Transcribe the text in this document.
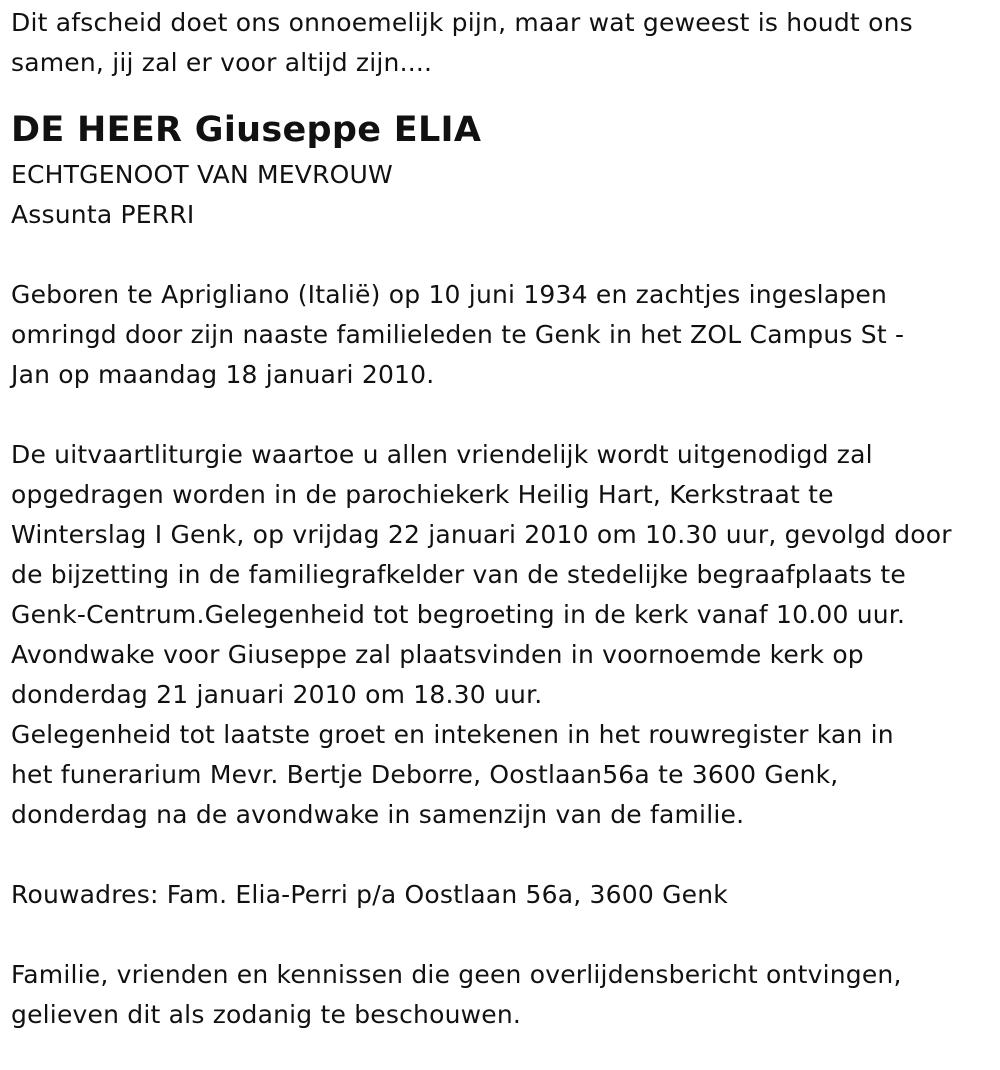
Dit afscheid doet ons onnoemelijk pijn, maar wat geweest is houdt ons
samen, jij zal er voor altijd zijn....

DE HEER Giuseppe ELIA

ECHTGENOOT VAN MEVROUW
Assunta PERRI

Geboren te Aprigliano (Italië) op 10 juni 1934 en zachtjes ingeslapen
omringd door zijn naaste familieleden te Genk in het ZOL Campus St -
Jan op maandag 18 januari 2010.

De uitvaartliturgie waartoe u allen vriendelijk wordt uitgenodigd zal
opgedragen worden in de parochiekerk Heilig Hart, Kerkstraat te
Winterslag I Genk, op vrijdag 22 januari 2010 om 10.30 uur, gevolgd door
de bijzetting in de familiegrafkelder van de stedelijke begraafplaats te
Genk-Centrum.Gelegenheid tot begroeting in de kerk vanaf 10.00 uur.
Avondwake voor Giuseppe zal plaatsvinden in voornoemde kerk op
donderdag 21 januari 2010 om 18.30 uur.
Gelegenheid tot laatste groet en intekenen in het rouwregister kan in
het funerarium Mevr. Bertje Deborre, Oostlaan56a te 3600 Genk,
donderdag na de avondwake in samenzijn van de familie.

Rouwadres: Fam. Elia-Perri p/a Oostlaan 56a, 3600 Genk

Familie, vrienden en kennissen die geen overlijdensbericht ontvingen,
gelieven dit als zodanig te beschouwen.
